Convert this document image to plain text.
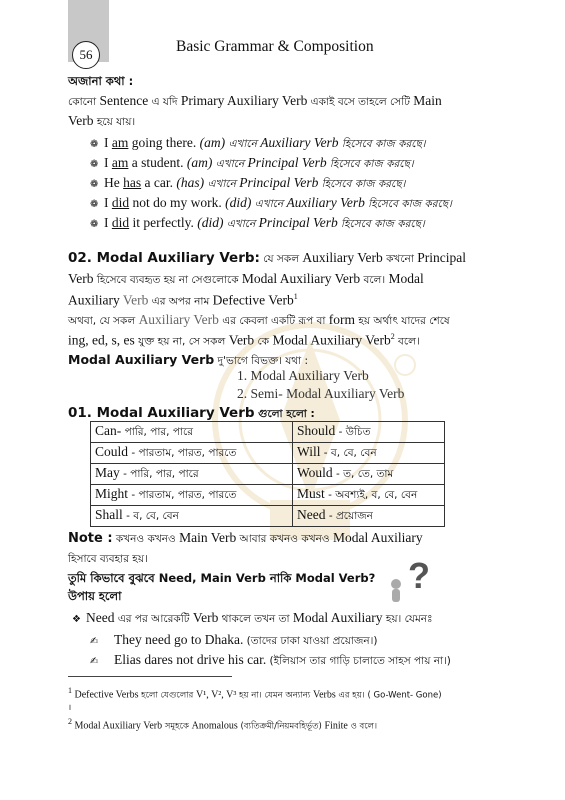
56	Basic Grammar & Composition
অজানা কথা :
কোনো Sentence এ যদি Primary Auxiliary Verb একাই বসে তাহলে সেটি Main
Verb হয়ে যায়।
❁ I am going there. (am) এখানে Auxiliary Verb হিসেবে কাজ করছে।
❁ I am a student. (am) এখানে Principal Verb হিসেবে কাজ করছে।
❁ He has a car. (has) এখানে Principal Verb হিসেবে কাজ করছে।
❁ I did not do my work. (did) এখানে Auxiliary Verb হিসেবে কাজ করছে।
❁ I did it perfectly. (did) এখানে Principal Verb হিসেবে কাজ করছে।
02. Modal Auxiliary Verb: যে সকল Auxiliary Verb কখনো Principal
Verb হিসেবে ব্যবহৃত হয় না সেগুলোকে Modal Auxiliary Verb বলে। Modal
Auxiliary Verb এর অপর নাম Defective Verb$^1$
অথবা, যে সকল Auxiliary Verb এর কেবলা একটি রূপ বা form হয় অর্থাৎ যাদের শেষে
ing, ed, s, es যুক্ত হয় না, সে সকল Verb কে Modal Auxiliary Verb$^2$ বলে।
Modal Auxiliary Verb দু'ভাগে বিভক্ত। যথা :
1. Modal Auxiliary Verb
2. Semi- Modal Auxiliary Verb
01. Modal Auxiliary Verb গুলো হলো :
Can- পারি, পার, পারে	Should - উচিত
Could - পারতাম, পারত, পারতে	Will - ব, বে, বেন
May - পারি, পার, পারে	Would - ত, তে, তাম
Might - পারতাম, পারত, পারতে	Must - অবশ্যই, ব, বে, বেন
Shall - ব, বে, বেন	Need - প্রয়োজন
Note : কখনও কখনও Main Verb আবার কখনও কখনও Modal Auxiliary
হিসাবে ব্যবহার হয়।
তুমি কিভাবে বুঝবে Need, Main Verb নাকি Modal Verb?
উপায় হলো	?
❖ Need এর পর আরেকটি Verb থাকলে তখন তা Modal Auxiliary হয়। যেমনঃ
✍ They need go to Dhaka. (তাদের ঢাকা যাওয়া প্রয়োজন।)
✍ Elias dares not drive his car. (ইলিয়াস তার গাড়ি চালাতে সাহস পায় না।)
$^1$ Defective Verbs হলো যেগুলোর V¹, V², V³ হয় না। যেমন অন্যান্য Verbs এর হয়। ( Go-Went- Gone)
।
$^2$ Modal Auxiliary Verb সমূহকে Anomalous (ব্যতিক্রমী/নিয়মবহির্ভূত) Finite ও বলে।
